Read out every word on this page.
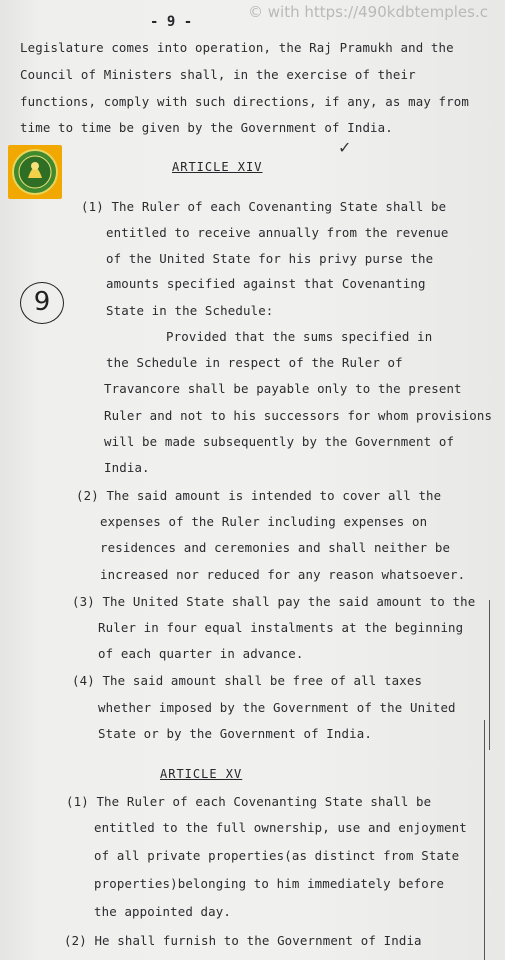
- 9 -
© with https://490kdbtemples.c
9
✓
Legislature comes into operation, the Raj Pramukh and the
Council of Ministers shall, in the exercise of their
functions, comply with such directions, if any, as may from
time to time be given by the Government of India.
ARTICLE XIV
(1) The Ruler of each Covenanting State shall be
entitled to receive annually from the revenue
of the United State for his privy purse the
amounts specified against that Covenanting
State in the Schedule:
Provided that the sums specified in
the Schedule in respect of the Ruler of
Travancore shall be payable only to the present
Ruler and not to his successors for whom provisions
will be made subsequently by the Government of
India.
(2) The said amount is intended to cover all the
expenses of the Ruler including expenses on
residences and ceremonies and shall neither be
increased nor reduced for any reason whatsoever.
(3) The United State shall pay the said amount to the
Ruler in four equal instalments at the beginning
of each quarter in advance.
(4) The said amount shall be free of all taxes
whether imposed by the Government of the United
State or by the Government of India.
ARTICLE XV
(1) The Ruler of each Covenanting State shall be
entitled to the full ownership, use and enjoyment
of all private properties(as distinct from State
properties)belonging to him immediately before
the appointed day.
(2) He shall furnish to the Government of India
